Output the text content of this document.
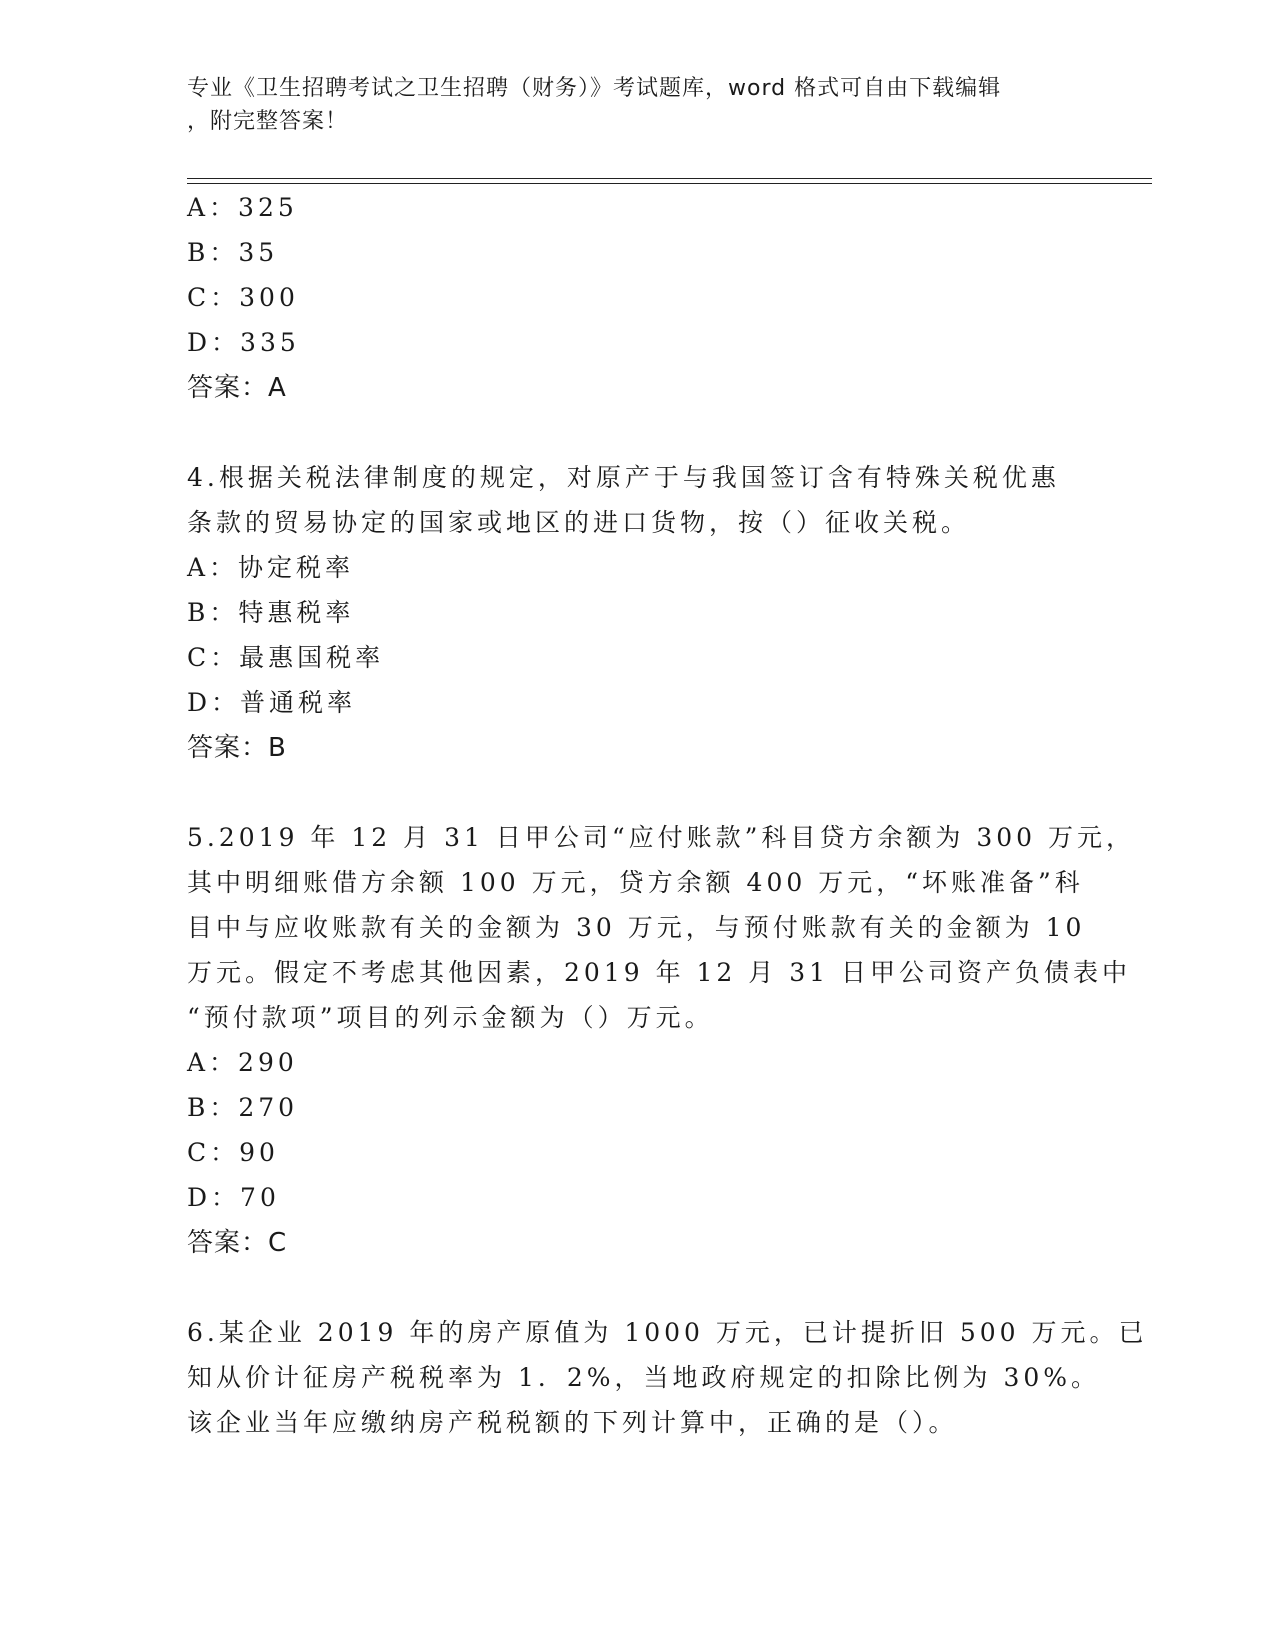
专业《卫生招聘考试之卫生招聘（财务）》考试题库，word 格式可自由下载编辑
，附完整答案！
A：325
B：35
C：300
D：335
答案：A
4.根据关税法律制度的规定，对原产于与我国签订含有特殊关税优惠
条款的贸易协定的国家或地区的进口货物，按（）征收关税。
A：协定税率
B：特惠税率
C：最惠国税率
D：普通税率
答案：B
5.2019 年 12 月 31 日甲公司“应付账款”科目贷方余额为 300 万元，
其中明细账借方余额 100 万元，贷方余额 400 万元，“坏账准备”科
目中与应收账款有关的金额为 30 万元，与预付账款有关的金额为 10
万元。假定不考虑其他因素，2019 年 12 月 31 日甲公司资产负债表中
“预付款项”项目的列示金额为（）万元。
A：290
B：270
C：90
D：70
答案：C
6.某企业 2019 年的房产原值为 1000 万元，已计提折旧 500 万元。已
知从价计征房产税税率为 1．2%，当地政府规定的扣除比例为 30%。
该企业当年应缴纳房产税税额的下列计算中，正确的是（）。
